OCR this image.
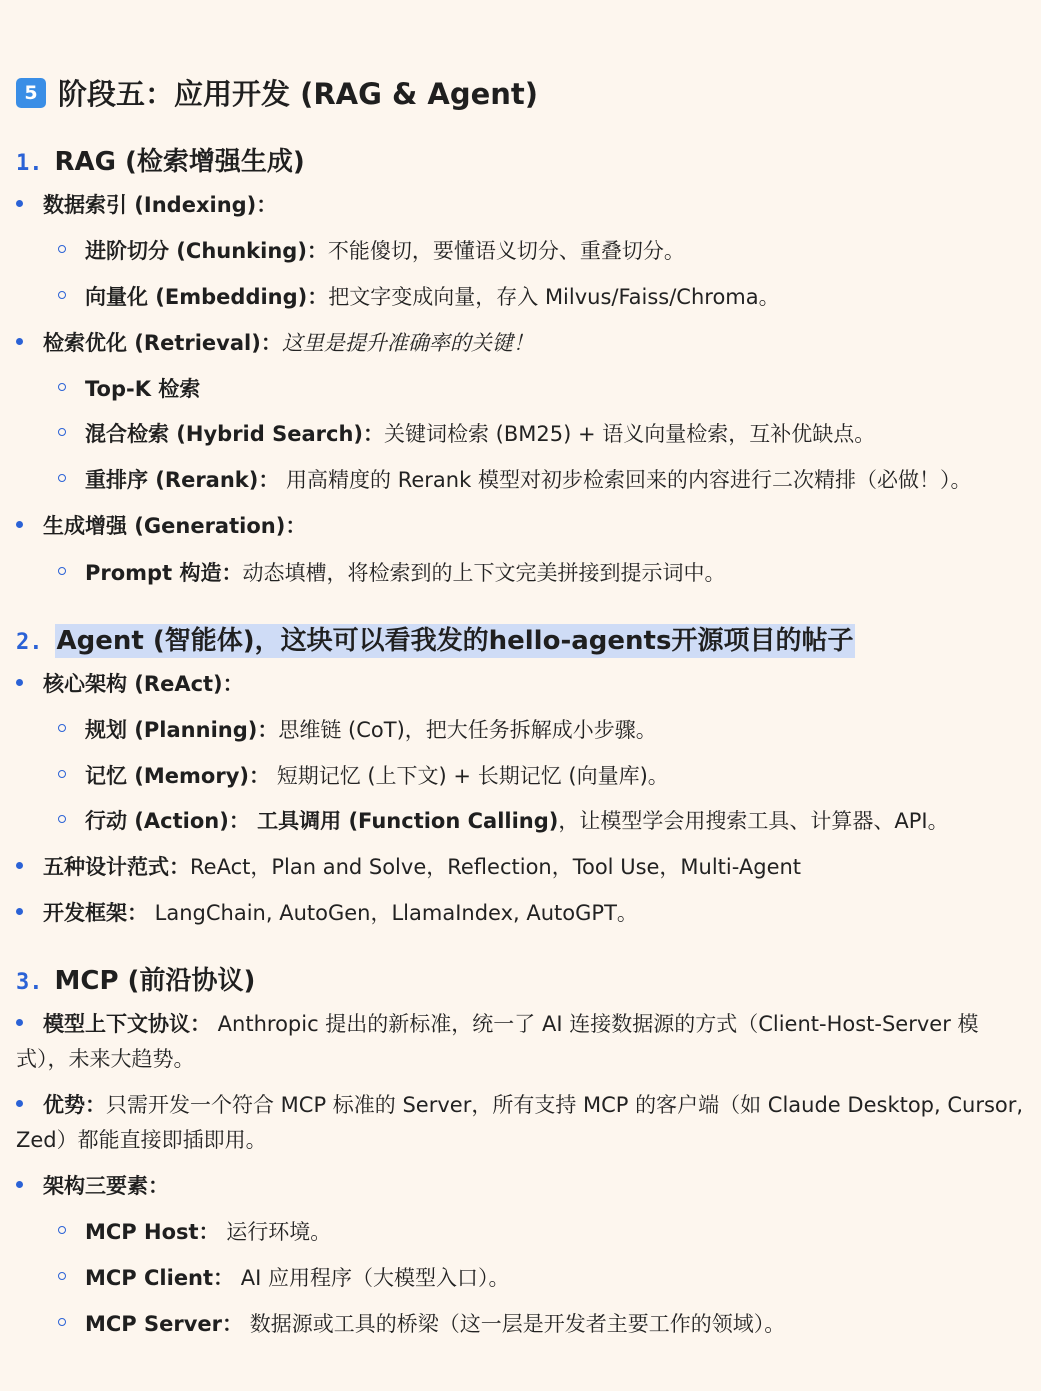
5 阶段五：应用开发 (RAG & Agent)
1. RAG (检索增强生成)
数据索引 (Indexing)：
进阶切分 (Chunking)：不能傻切，要懂语义切分、重叠切分。
向量化 (Embedding)：把文字变成向量，存入 Milvus/Faiss/Chroma。
检索优化 (Retrieval)：这里是提升准确率的关键！
Top-K 检索
混合检索 (Hybrid Search)：关键词检索 (BM25) + 语义向量检索，互补优缺点。
重排序 (Rerank)： 用高精度的 Rerank 模型对初步检索回来的内容进行二次精排（必做！）。
生成增强 (Generation)：
Prompt 构造：动态填槽，将检索到的上下文完美拼接到提示词中。
2. Agent (智能体)，这块可以看我发的hello-agents开源项目的帖子
核心架构 (ReAct)：
规划 (Planning)：思维链 (CoT)，把大任务拆解成小步骤。
记忆 (Memory)： 短期记忆 (上下文) + 长期记忆 (向量库)。
行动 (Action)： 工具调用 (Function Calling)，让模型学会用搜索工具、计算器、API。
五种设计范式：ReAct，Plan and Solve，Reflection，Tool Use，Multi-Agent
开发框架： LangChain, AutoGen，LlamaIndex, AutoGPT。
3. MCP (前沿协议)
模型上下文协议： Anthropic 提出的新标准，统一了 AI 连接数据源的方式（Client-Host-Server 模式），未来大趋势。
优势：只需开发一个符合 MCP 标准的 Server，所有支持 MCP 的客户端（如 Claude Desktop, Cursor, Zed）都能直接即插即用。
架构三要素：
MCP Host： 运行环境。
MCP Client： AI 应用程序（大模型入口）。
MCP Server： 数据源或工具的桥梁（这一层是开发者主要工作的领域）。
